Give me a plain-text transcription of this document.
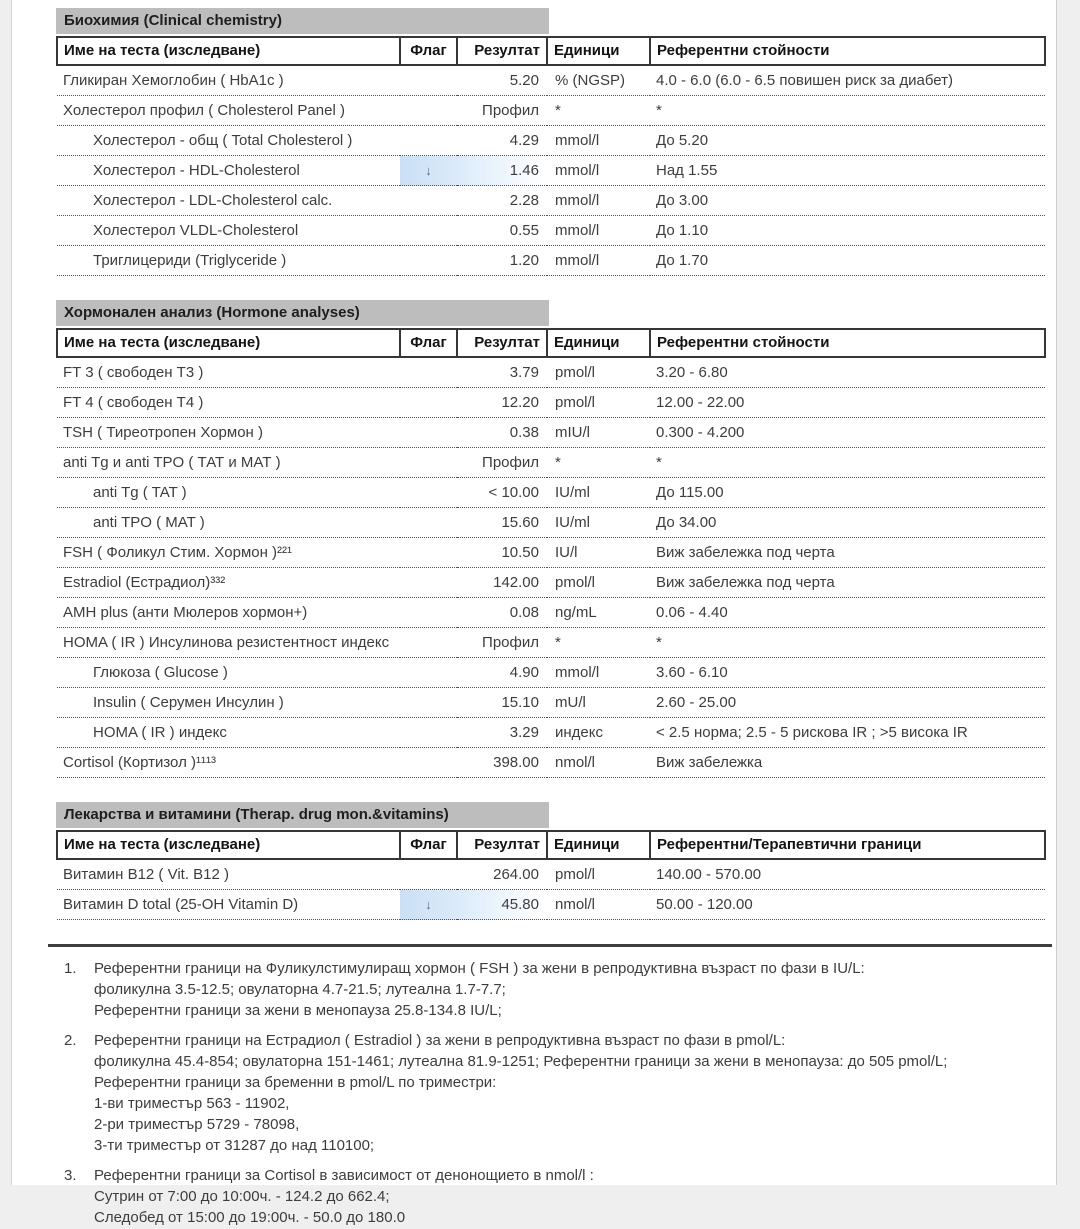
Биохимия (Clinical chemistry)
Име на теста (изследване)	Флаг	Резултат	Единици	Референтни стойности
Гликиран Хемоглобин ( HbA1c )		5.20	% (NGSP)	4.0 - 6.0 (6.0 - 6.5 повишен риск за диабет)
Холестерол профил ( Cholesterol Panel )		Профил	*	*
Холестерол - общ ( Total Cholesterol )		4.29	mmol/l	До 5.20
Холестерол - HDL-Cholesterol	↓	1.46	mmol/l	Над 1.55
Холестерол - LDL-Cholesterol calc.		2.28	mmol/l	До 3.00
Холестерол VLDL-Cholesterol		0.55	mmol/l	До 1.10
Триглицериди (Triglyceride )		1.20	mmol/l	До 1.70
Хормонален анализ (Hormone analyses)
Име на теста (изследване)	Флаг	Резултат	Единици	Референтни стойности
FT 3 ( свободен T3 )		3.79	pmol/l	3.20 - 6.80
FT 4 ( свободен T4 )		12.20	pmol/l	12.00 - 22.00
TSH ( Тиреотропен Хормон )		0.38	mIU/l	0.300 - 4.200
anti Tg и anti TPO ( ТАТ и МАТ )		Профил	*	*
anti Tg ( TAT )		< 10.00	IU/ml	До 115.00
anti TPO ( MAT )		15.60	IU/ml	До 34.00
FSH ( Фоликул Стим. Хормон )²²¹		10.50	IU/l	Виж забележка под черта
Estradiol (Естрадиол)³³²		142.00	pmol/l	Виж забележка под черта
AMH plus (анти Мюлеров хормон+)		0.08	ng/mL	0.06 - 4.40
HOMA ( IR ) Инсулинова резистентност индекс		Профил	*	*
Глюкоза ( Glucose )		4.90	mmol/l	3.60 - 6.10
Insulin ( Серумен Инсулин )		15.10	mU/l	2.60 - 25.00
HOMA ( IR ) индекс		3.29	индекс	< 2.5 норма; 2.5 - 5 рискова IR ; >5 висока IR
Cortisol (Кортизол )¹¹¹³		398.00	nmol/l	Виж забележка
Лекарства и витамини (Therap. drug mon.&vitamins)
Име на теста (изследване)	Флаг	Резултат	Единици	Референтни/Терапевтични граници
Витамин B12 ( Vit. B12 )		264.00	pmol/l	140.00 - 570.00
Витамин D total (25-OH Vitamin D)	↓	45.80	nmol/l	50.00 - 120.00
1.	Референтни граници на Фуликулстимулиращ хормон ( FSH ) за жени в репродуктивна възраст по фази в IU/L:
фоликулна 3.5-12.5; овулаторна 4.7-21.5; лутеална 1.7-7.7;
Референтни граници за жени в менопауза 25.8-134.8 IU/L;
2.	Референтни граници на Естрадиол ( Estradiol ) за жени в репродуктивна възраст по фази в pmol/L:
фоликулна 45.4-854; овулаторна 151-1461; лутеална 81.9-1251; Референтни граници за жени в менопауза: до 505 pmol/L;
Референтни граници за бременни в pmol/L по триместри:
1-ви триместър 563 - 11902,
2-ри триместър 5729 - 78098,
3-ти триместър от 31287 до над 110100;
3.	Референтни граници за Cortisol в зависимост от денонощието в nmol/l :
Сутрин от 7:00 до 10:00ч. - 124.2 до 662.4;
Следобед от 15:00 до 19:00ч. - 50.0 до 180.0
